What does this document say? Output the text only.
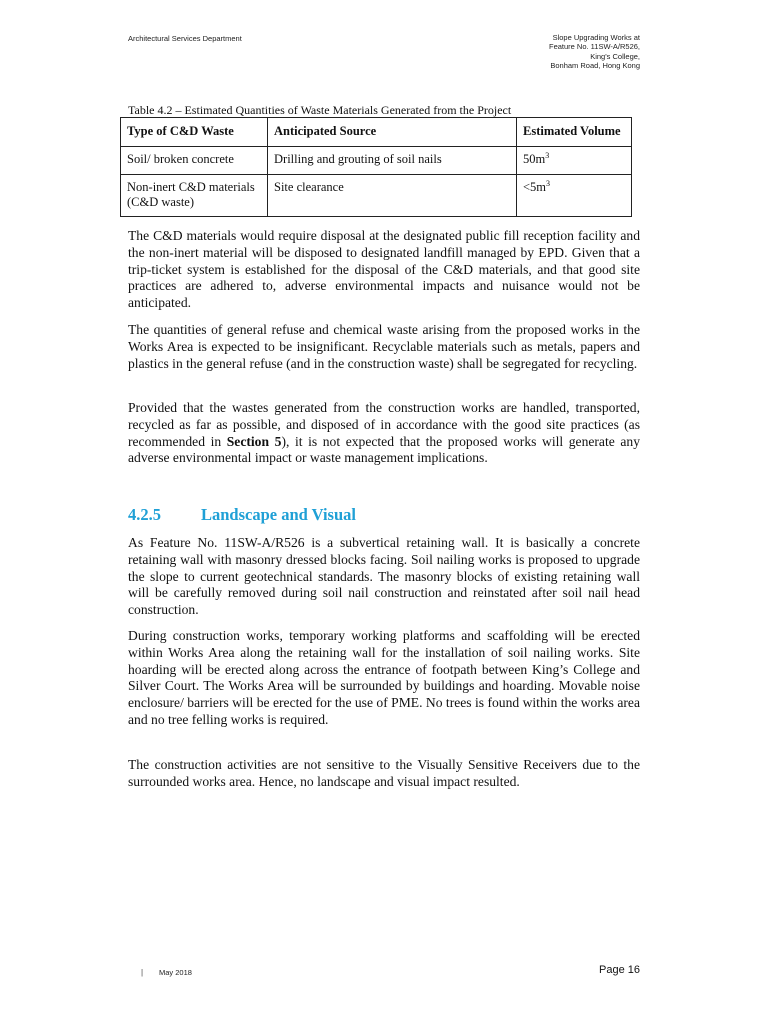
Architectural Services Department	Slope Upgrading Works at
Feature No. 11SW-A/R526,
King's College,
Bonham Road, Hong Kong
Table 4.2 – Estimated Quantities of Waste Materials Generated from the Project
Type of C&D Waste	Anticipated Source	Estimated Volume
Soil/ broken concrete	Drilling and grouting of soil nails	$50m^3$
Non-inert C&D materials
(C&D waste)	Site clearance	$<5m^3$

The C&D materials would require disposal at the designated public fill reception facility and the non-inert material will be disposed to designated landfill managed by EPD. Given that a trip-ticket system is established for the disposal of the C&D materials, and that good site practices are adhered to, adverse environmental impacts and nuisance would not be anticipated.

The quantities of general refuse and chemical waste arising from the proposed works in the Works Area is expected to be insignificant. Recyclable materials such as metals, papers and plastics in the general refuse (and in the construction waste) shall be segregated for recycling.

Provided that the wastes generated from the construction works are handled, transported, recycled as far as possible, and disposed of in accordance with the good site practices (as recommended in Section 5), it is not expected that the proposed works will generate any adverse environmental impact or waste management implications.

4.2.5 Landscape and Visual

As Feature No. 11SW-A/R526 is a subvertical retaining wall. It is basically a concrete retaining wall with masonry dressed blocks facing. Soil nailing works is proposed to upgrade the slope to current geotechnical standards. The masonry blocks of existing retaining wall will be carefully removed during soil nail construction and reinstated after soil nail head construction.

During construction works, temporary working platforms and scaffolding will be erected within Works Area along the retaining wall for the installation of soil nailing works. Site hoarding will be erected along across the entrance of footpath between King’s College and Silver Court. The Works Area will be surrounded by buildings and hoarding. Movable noise enclosure/ barriers will be erected for the use of PME. No trees is found within the works area and no tree felling works is required.

The construction activities are not sensitive to the Visually Sensitive Receivers due to the surrounded works area. Hence, no landscape and visual impact resulted.

| May 2018	Page 16
